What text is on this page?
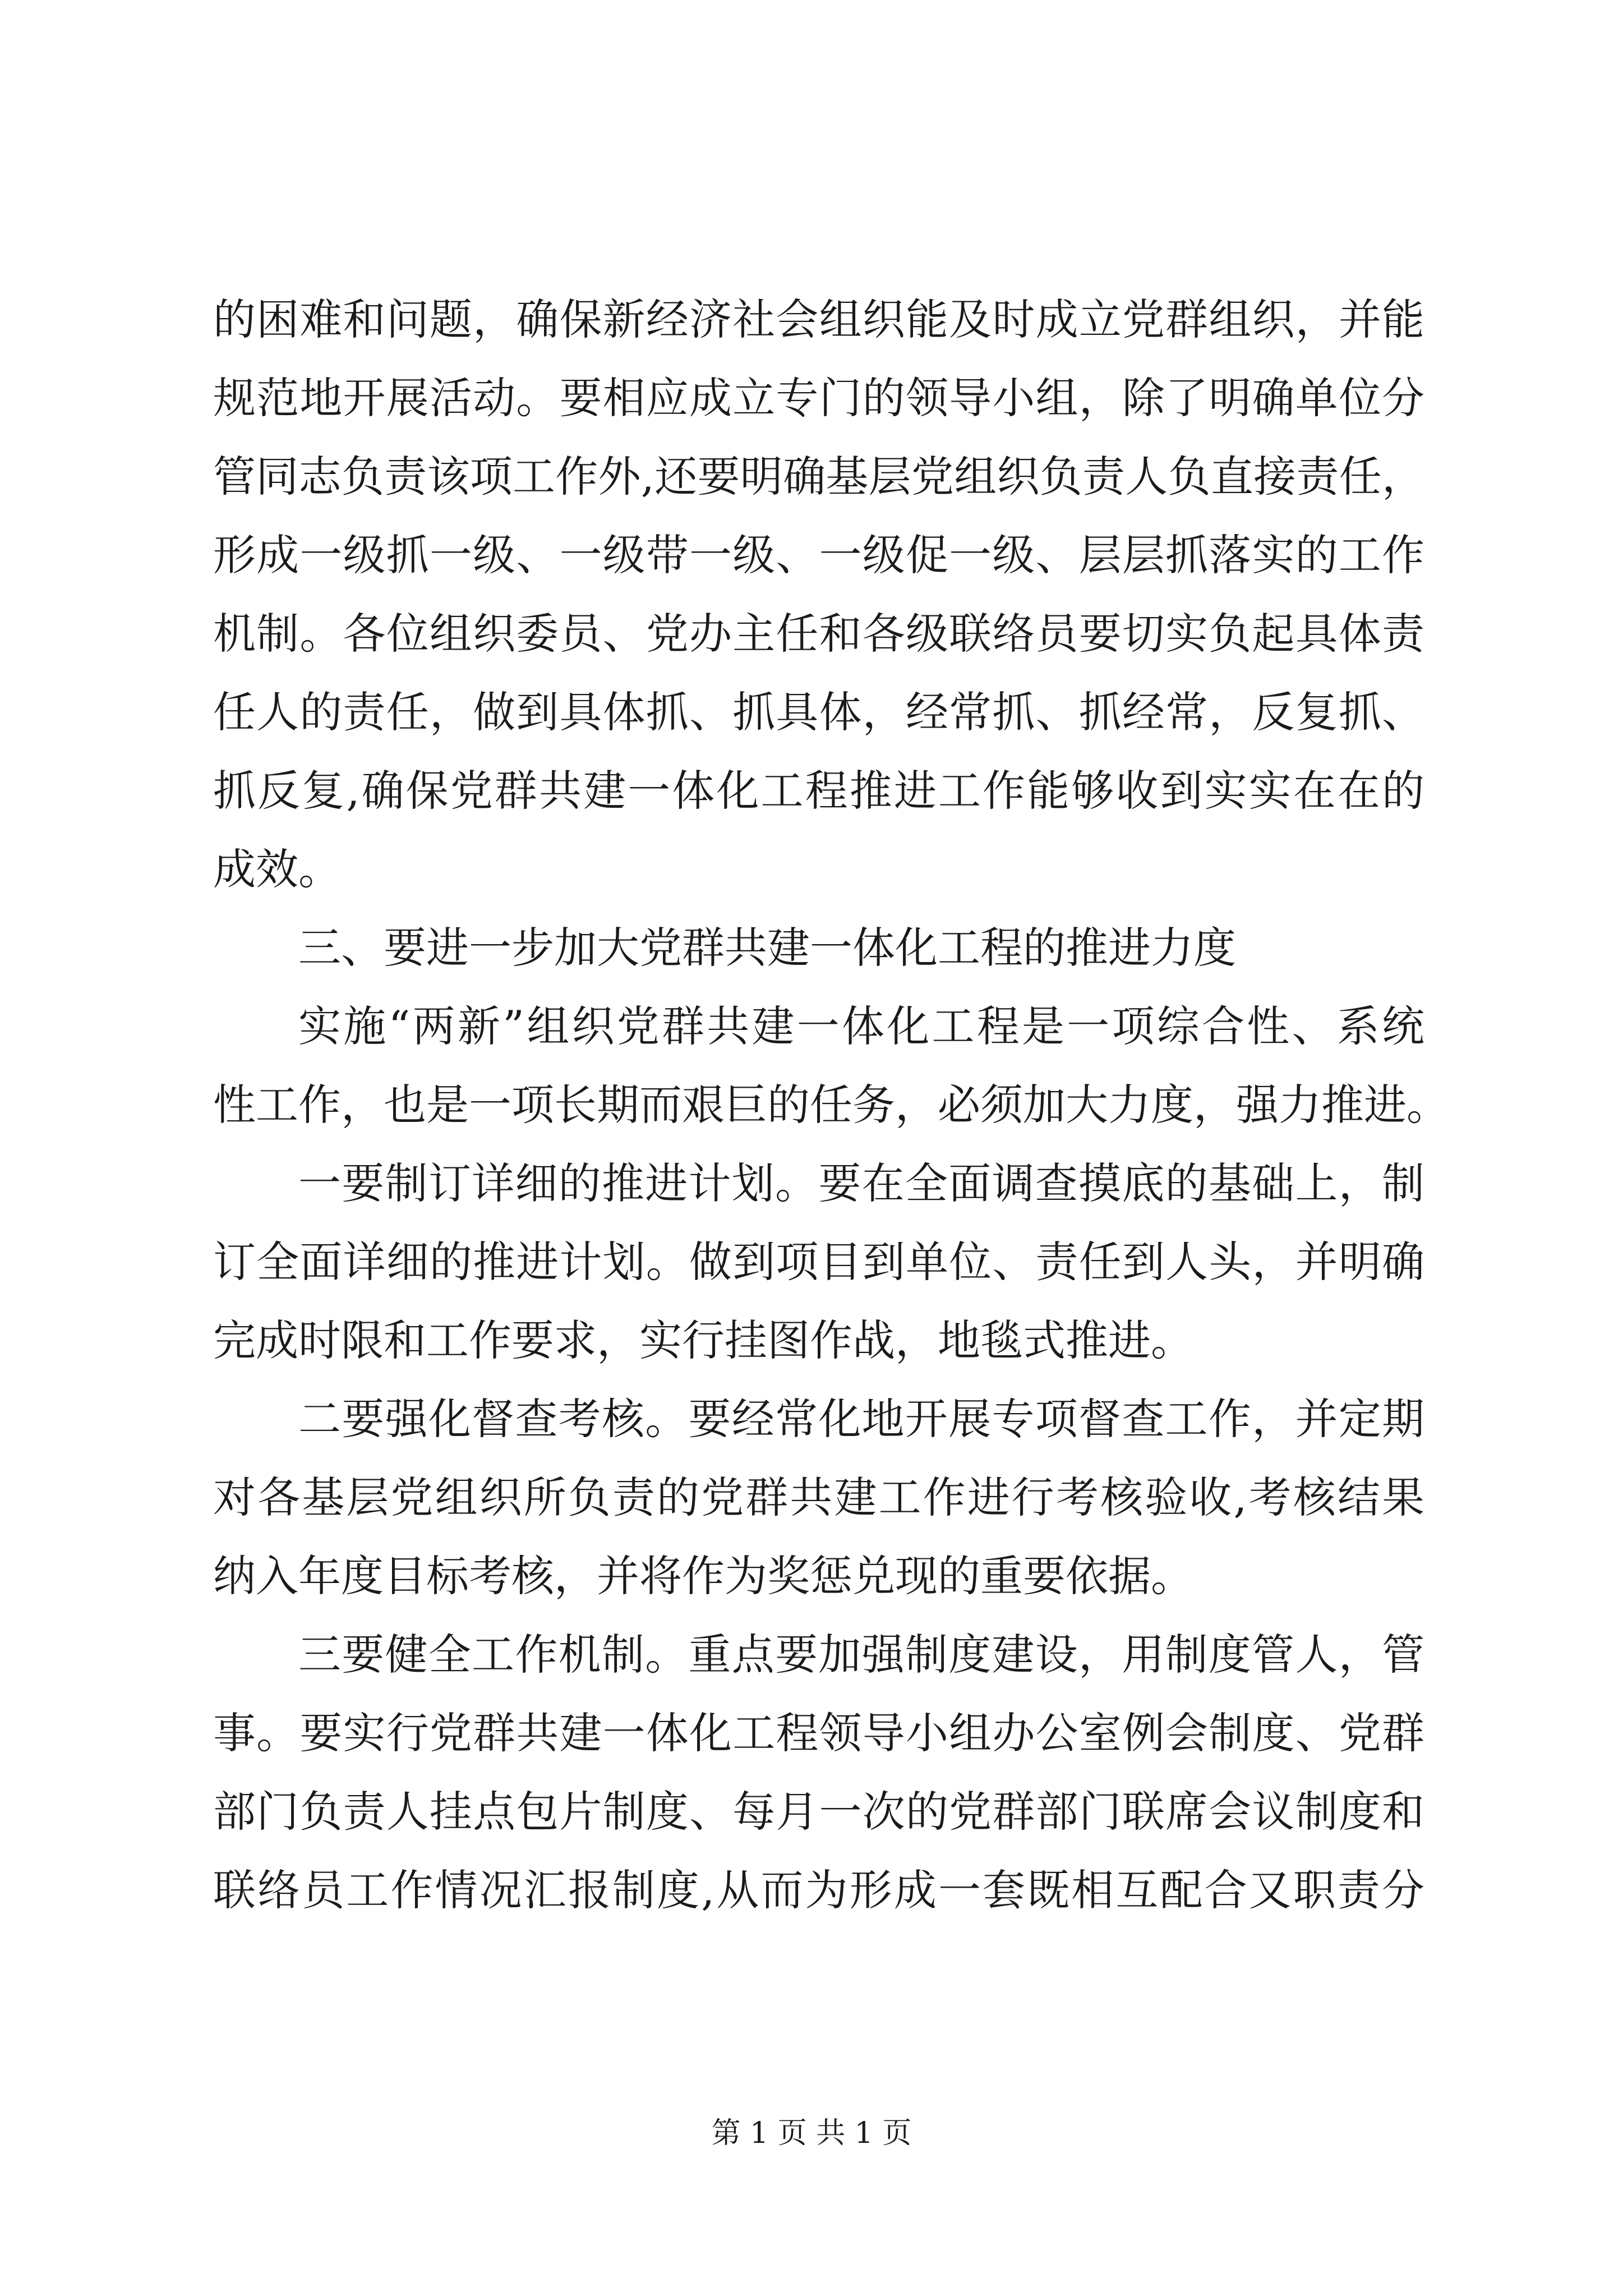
的困难和问题，确保新经济社会组织能及时成立党群组织，并能
规范地开展活动。要相应成立专门的领导小组，除了明确单位分
管同志负责该项工作外,还要明确基层党组织负责人负直接责任，
形成一级抓一级、一级带一级、一级促一级、层层抓落实的工作
机制。各位组织委员、党办主任和各级联络员要切实负起具体责
任人的责任，做到具体抓、抓具体，经常抓、抓经常，反复抓、
抓反复,确保党群共建一体化工程推进工作能够收到实实在在的
成效。
三、要进一步加大党群共建一体化工程的推进力度
实施“两新”组织党群共建一体化工程是一项综合性、系统
性工作，也是一项长期而艰巨的任务，必须加大力度，强力推进。
一要制订详细的推进计划。要在全面调查摸底的基础上，制
订全面详细的推进计划。做到项目到单位、责任到人头，并明确
完成时限和工作要求，实行挂图作战，地毯式推进。
二要强化督查考核。要经常化地开展专项督查工作，并定期
对各基层党组织所负责的党群共建工作进行考核验收,考核结果
纳入年度目标考核，并将作为奖惩兑现的重要依据。
三要健全工作机制。重点要加强制度建设，用制度管人，管
事。要实行党群共建一体化工程领导小组办公室例会制度、党群
部门负责人挂点包片制度、每月一次的党群部门联席会议制度和
联络员工作情况汇报制度,从而为形成一套既相互配合又职责分
第 1 页 共 1 页
